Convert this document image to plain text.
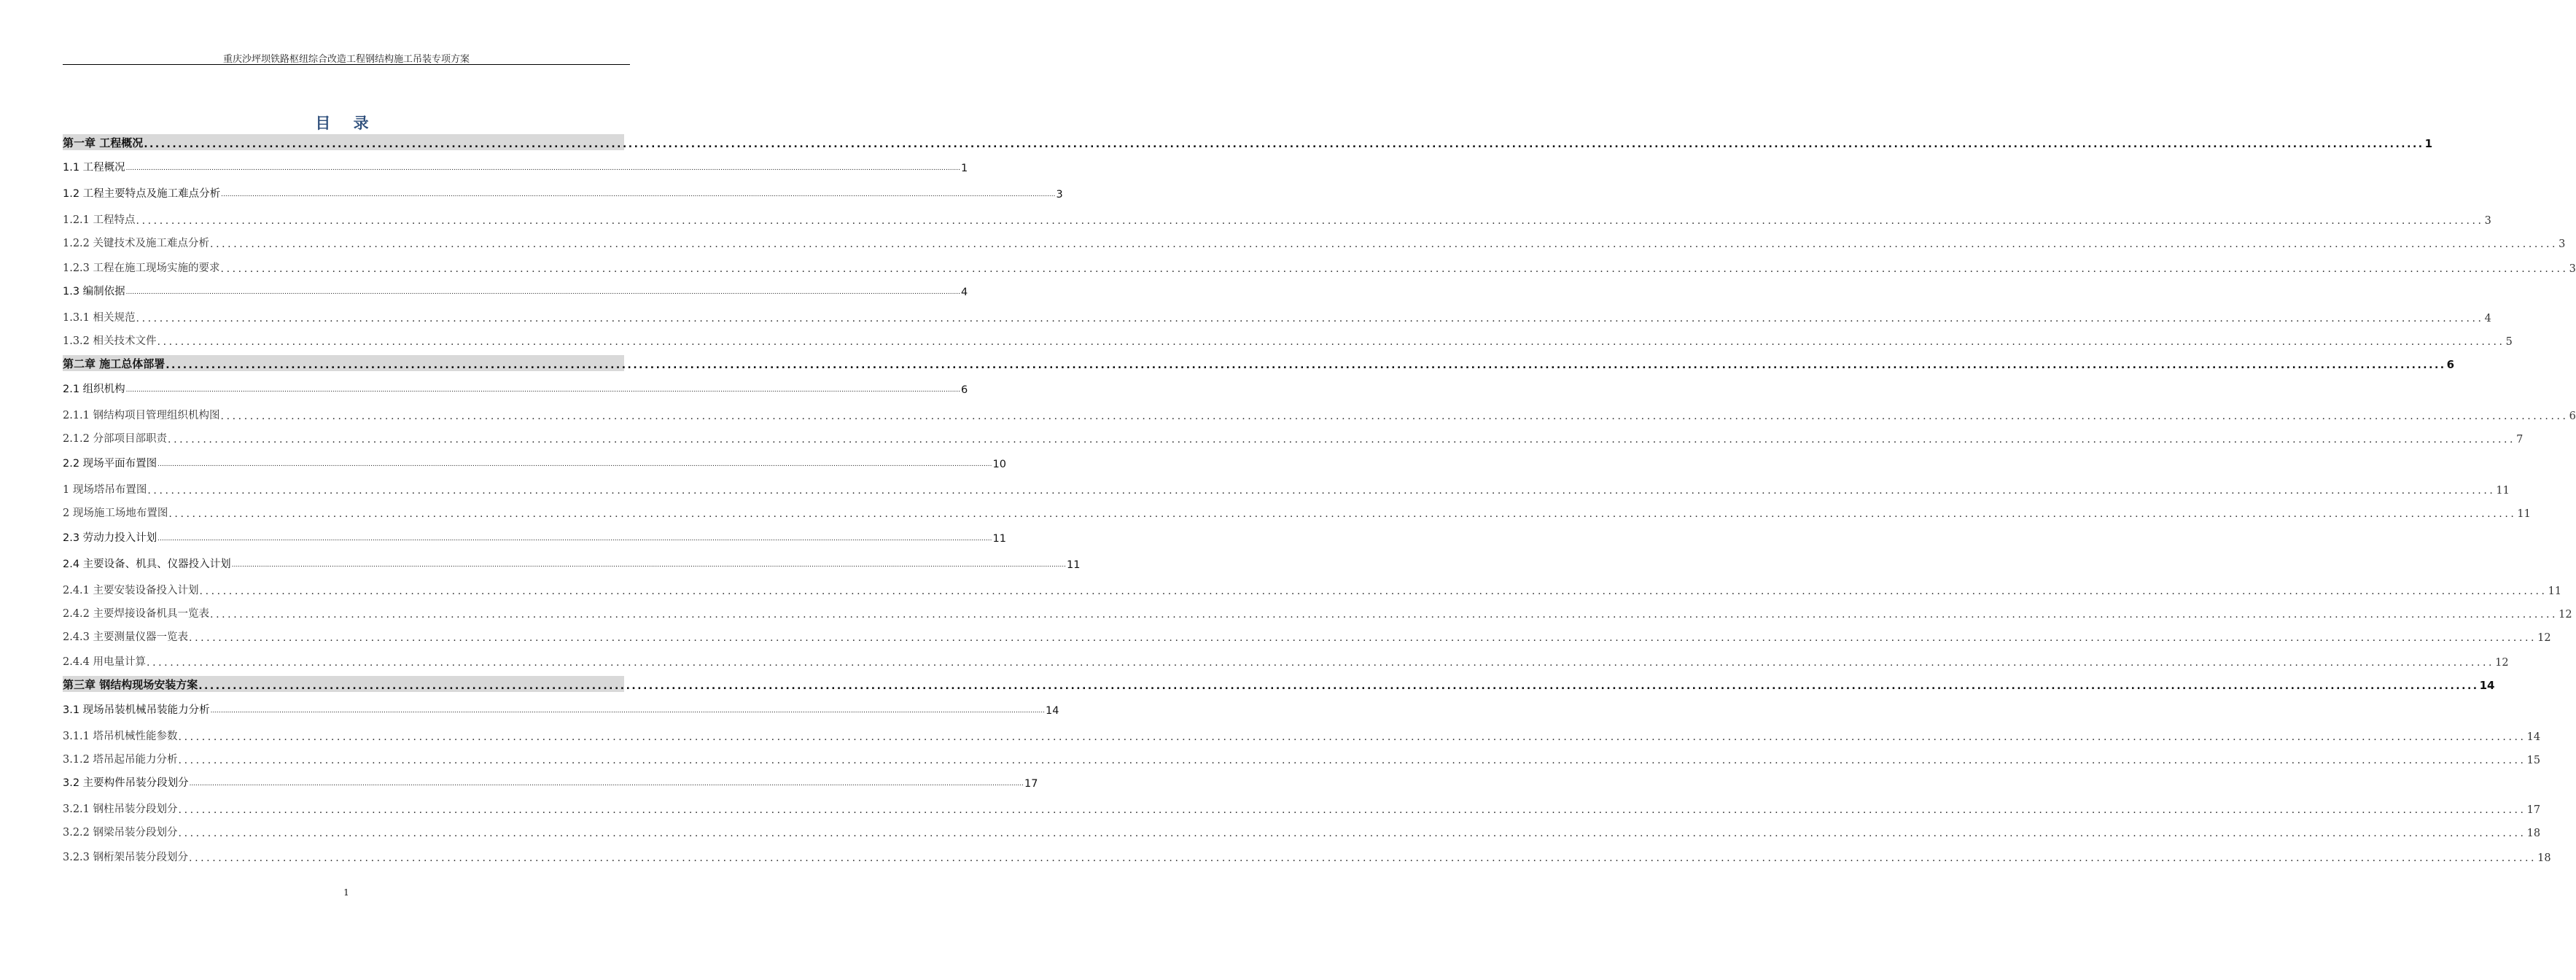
重庆沙坪坝铁路枢纽综合改造工程钢结构施工吊装专项方案
目 录
第一章 工程概况 ................................................................................................................................................................................................................................................................................................................................................................................................................ 1
1.1 工程概况 ................................................................................................................................................................................................................................................................................................................................................................................................................ 1
1.2 工程主要特点及施工难点分析 ................................................................................................................................................................................................................................................................................................................................................................................................................ 3
1.2.1 工程特点 ................................................................................................................................................................................................................................................................................................................................................................................................................ 3
1.2.2 关键技术及施工难点分析 ................................................................................................................................................................................................................................................................................................................................................................................................................ 3
1.2.3 工程在施工现场实施的要求 ................................................................................................................................................................................................................................................................................................................................................................................................................ 3
1.3 编制依据 ................................................................................................................................................................................................................................................................................................................................................................................................................ 4
1.3.1 相关规范 ................................................................................................................................................................................................................................................................................................................................................................................................................ 4
1.3.2 相关技术文件 ................................................................................................................................................................................................................................................................................................................................................................................................................ 5
第二章 施工总体部署 ................................................................................................................................................................................................................................................................................................................................................................................................................ 6
2.1 组织机构 ................................................................................................................................................................................................................................................................................................................................................................................................................ 6
2.1.1 钢结构项目管理组织机构图 ................................................................................................................................................................................................................................................................................................................................................................................................................ 6
2.1.2 分部项目部职责 ................................................................................................................................................................................................................................................................................................................................................................................................................ 7
2.2 现场平面布置图 ................................................................................................................................................................................................................................................................................................................................................................................................................ 10
1 现场塔吊布置图 ................................................................................................................................................................................................................................................................................................................................................................................................................ 11
2 现场施工场地布置图 ................................................................................................................................................................................................................................................................................................................................................................................................................ 11
2.3 劳动力投入计划 ................................................................................................................................................................................................................................................................................................................................................................................................................ 11
2.4 主要设备、机具、仪器投入计划 ................................................................................................................................................................................................................................................................................................................................................................................................................ 11
2.4.1 主要安装设备投入计划 ................................................................................................................................................................................................................................................................................................................................................................................................................ 11
2.4.2 主要焊接设备机具一览表 ................................................................................................................................................................................................................................................................................................................................................................................................................ 12
2.4.3 主要测量仪器一览表 ................................................................................................................................................................................................................................................................................................................................................................................................................ 12
2.4.4 用电量计算 ................................................................................................................................................................................................................................................................................................................................................................................................................ 12
第三章 钢结构现场安装方案 ................................................................................................................................................................................................................................................................................................................................................................................................................ 14
3.1 现场吊装机械吊装能力分析 ................................................................................................................................................................................................................................................................................................................................................................................................................ 14
3.1.1 塔吊机械性能参数 ................................................................................................................................................................................................................................................................................................................................................................................................................ 14
3.1.2 塔吊起吊能力分析 ................................................................................................................................................................................................................................................................................................................................................................................................................ 15
3.2 主要构件吊装分段划分 ................................................................................................................................................................................................................................................................................................................................................................................................................ 17
3.2.1 钢柱吊装分段划分 ................................................................................................................................................................................................................................................................................................................................................................................................................ 17
3.2.2 钢梁吊装分段划分 ................................................................................................................................................................................................................................................................................................................................................................................................................ 18
3.2.3 钢桁架吊装分段划分 ................................................................................................................................................................................................................................................................................................................................................................................................................ 18
1
